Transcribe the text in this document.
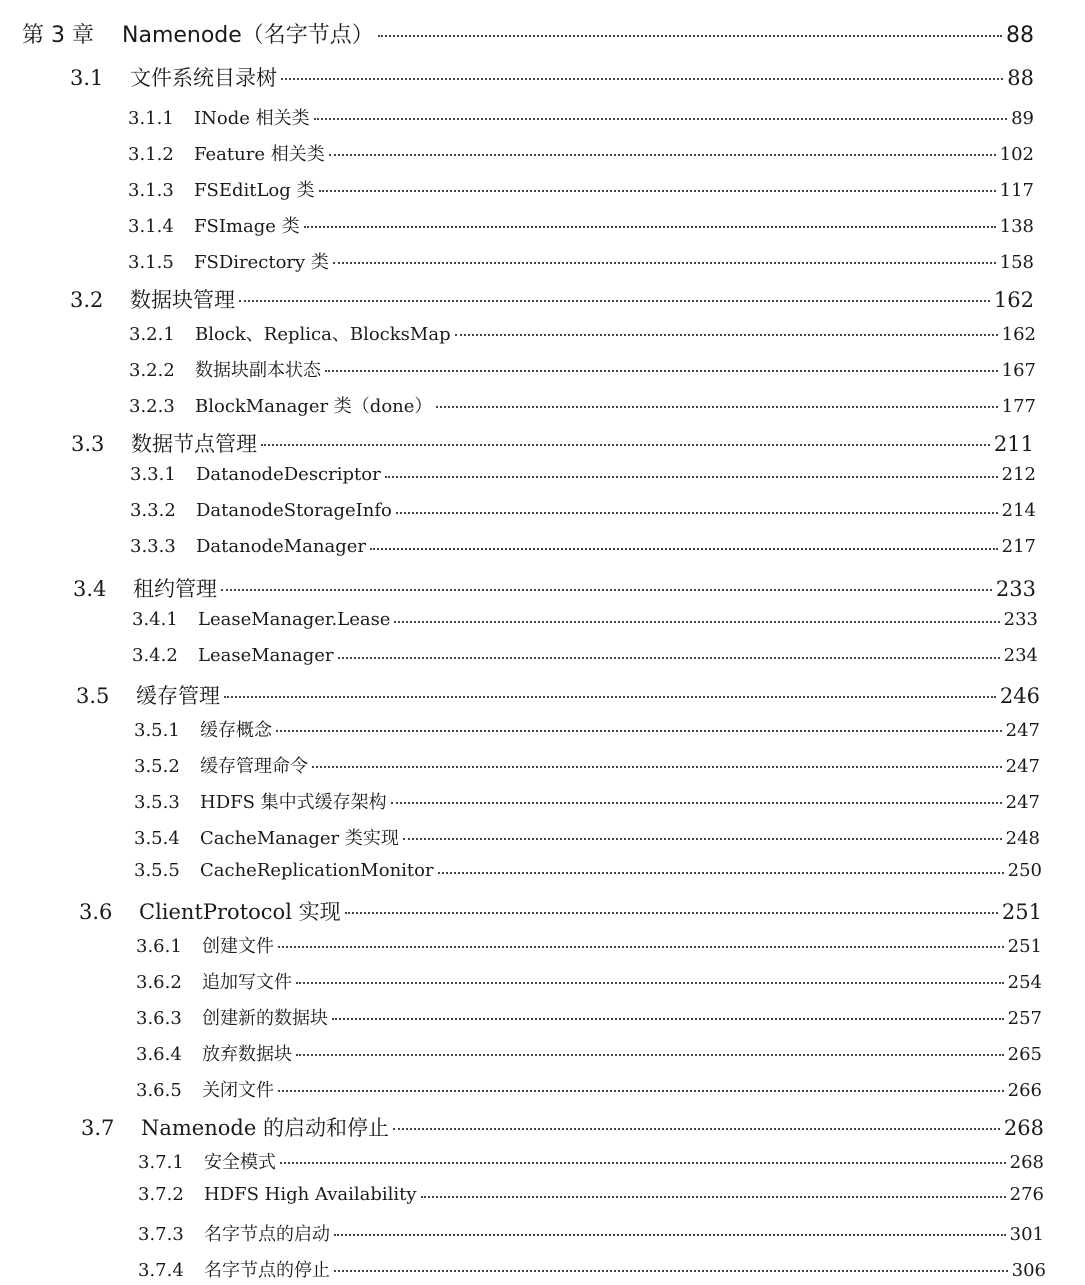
第 3 章	Namenode（名字节点）	88
3.1	文件系统目录树	88
3.1.1	INode 相关类	89
3.1.2	Feature 相关类	102
3.1.3	FSEditLog 类	117
3.1.4	FSImage 类	138
3.1.5	FSDirectory 类	158
3.2	数据块管理	162
3.2.1	Block、Replica、BlocksMap	162
3.2.2	数据块副本状态	167
3.2.3	BlockManager 类（done）	177
3.3	数据节点管理	211
3.3.1	DatanodeDescriptor	212
3.3.2	DatanodeStorageInfo	214
3.3.3	DatanodeManager	217
3.4	租约管理	233
3.4.1	LeaseManager.Lease	233
3.4.2	LeaseManager	234
3.5	缓存管理	246
3.5.1	缓存概念	247
3.5.2	缓存管理命令	247
3.5.3	HDFS 集中式缓存架构	247
3.5.4	CacheManager 类实现	248
3.5.5	CacheReplicationMonitor	250
3.6	ClientProtocol 实现	251
3.6.1	创建文件	251
3.6.2	追加写文件	254
3.6.3	创建新的数据块	257
3.6.4	放弃数据块	265
3.6.5	关闭文件	266
3.7	Namenode 的启动和停止	268
3.7.1	安全模式	268
3.7.2	HDFS High Availability	276
3.7.3	名字节点的启动	301
3.7.4	名字节点的停止	306
